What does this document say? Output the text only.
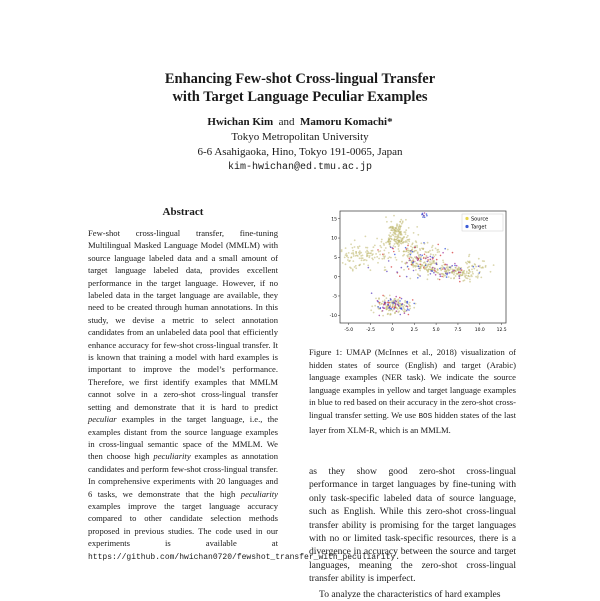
Enhancing Few-shot Cross-lingual Transfer
with Target Language Peculiar Examples
Hwichan Kim and Mamoru Komachi*
Tokyo Metropolitan University
6-6 Asahigaoka, Hino, Tokyo 191-0065, Japan
kim-hwichan@ed.tmu.ac.jp
Abstract
Few-shot cross-lingual transfer, fine-tuning Multilingual Masked Language Model (MMLM) with source language labeled data and a small amount of target language labeled data, provides excellent performance in the target language. However, if no labeled data in the target language are available, they need to be created through human annotations. In this study, we devise a metric to select annotation candidates from an unlabeled data pool that efficiently enhance accuracy for few-shot cross-lingual transfer. It is known that training a model with hard examples is important to improve the model’s performance. Therefore, we first identify examples that MMLM cannot solve in a zero-shot cross-lingual transfer setting and demonstrate that it is hard to predict peculiar examples in the target language, i.e., the examples distant from the source language examples in cross-lingual semantic space of the MMLM. We then choose high peculiarity examples as annotation candidates and perform few-shot cross-lingual transfer. In comprehensive experiments with 20 languages and 6 tasks, we demonstrate that the high peculiarity examples improve the target language accuracy compared to other candidate selection methods proposed in previous studies. The code used in our experiments is available at https://github.com/hwichan0720/fewshot_transfer_with_peculiarity.
-5.0	-2.5	0	2.5	5.0	7.5	10.0	12.5
15
10
5
0
-5
-10
Source
Target
Figure 1: UMAP (McInnes et al., 2018) visualization of hidden states of source (English) and target (Arabic) language examples (NER task). We indicate the source language examples in yellow and target language examples in blue to red based on their accuracy in the zero-shot cross-lingual transfer setting. We use BOS hidden states of the last layer from XLM-R, which is an MMLM.
as they show good zero-shot cross-lingual performance in target languages by fine-tuning with only task-specific labeled data of source language, such as English. While this zero-shot cross-lingual transfer ability is promising for the target languages with no or limited task-specific resources, there is a divergence in accuracy between the source and target languages, meaning the zero-shot cross-lingual transfer ability is imperfect.
To analyze the characteristics of hard examples
